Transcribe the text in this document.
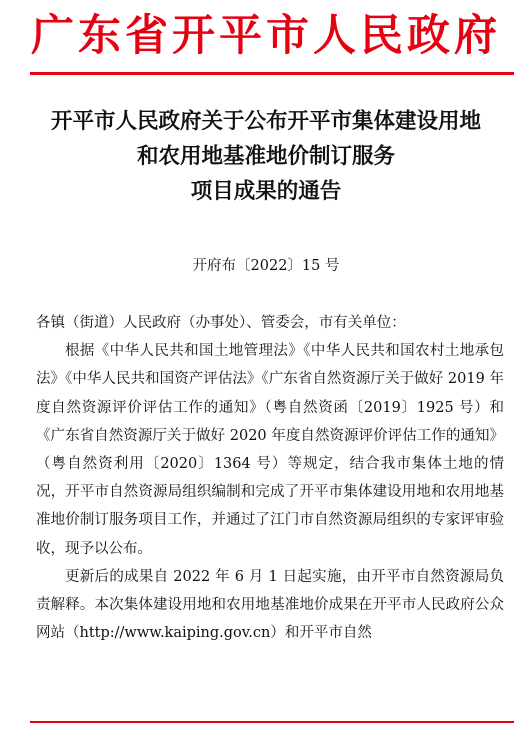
广东省开平市人民政府
开平市人民政府关于公布开平市集体建设用地
和农用地基准地价制订服务
项目成果的通告
开府布〔2022〕15 号

各镇（街道）人民政府（办事处）、管委会，市有关单位：

根据《中华人民共和国土地管理法》《中华人民共和国农村土地承包法》《中华人民共和国资产评估法》《广东省自然资源厅关于做好 2019 年度自然资源评价评估工作的通知》（粤自然资函〔2019〕1925 号）和《广东省自然资源厅关于做好 2020 年度自然资源评价评估工作的通知》（粤自然资利用〔2020〕1364 号）等规定，结合我市集体土地的情况，开平市自然资源局组织编制和完成了开平市集体建设用地和农用地基准地价制订服务项目工作，并通过了江门市自然资源局组织的专家评审验收，现予以公布。

更新后的成果自 2022 年 6 月 1 日起实施，由开平市自然资源局负责解释。本次集体建设用地和农用地基准地价成果在开平市人民政府公众网站（http://www.kaiping.gov.cn）和开平市自然
